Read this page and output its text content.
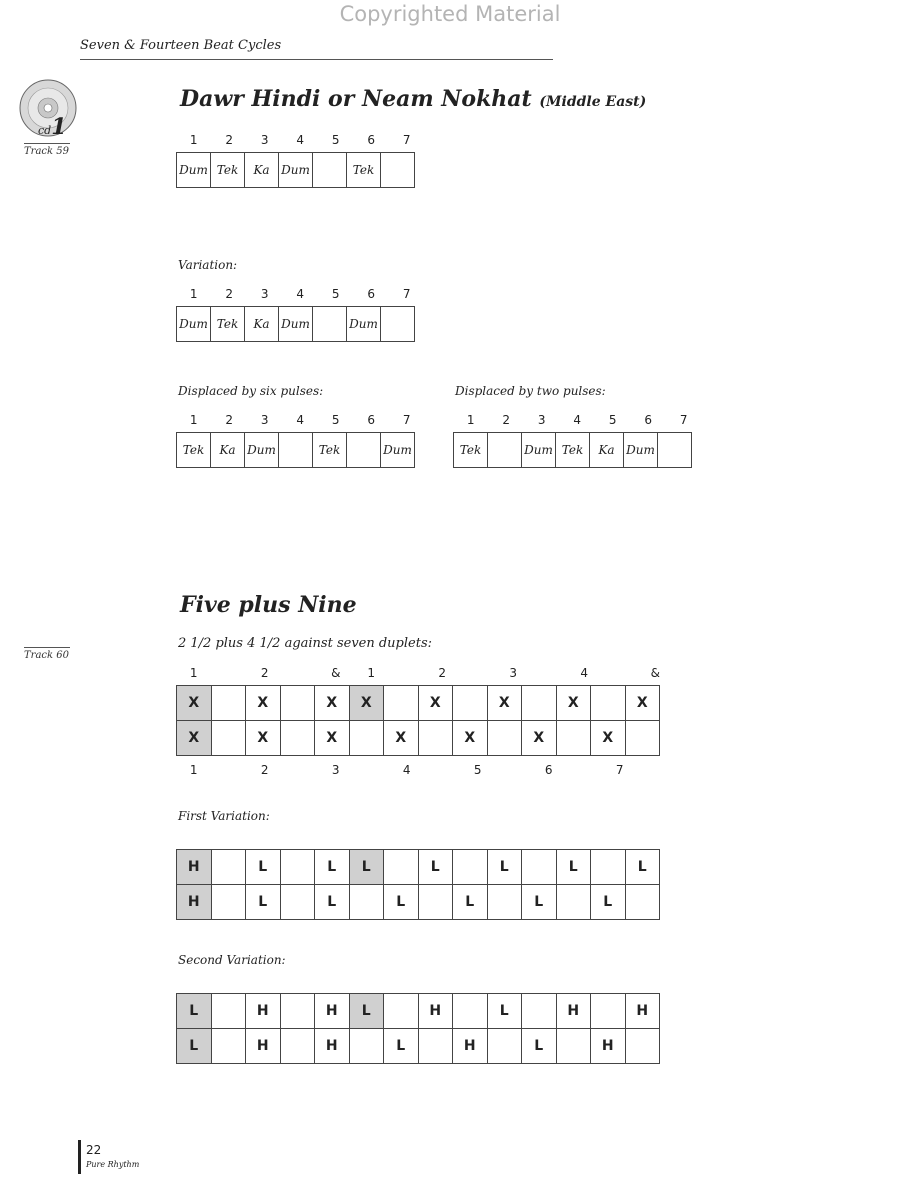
Copyrighted Material
Seven & Fourteen Beat Cycles
cd1
Track 59
Dawr Hindi or Neam Nokhat (Middle East)
1	2	3	4	5	6	7
Dum	Tek	Ka	Dum		Tek	
Variation:
1	2	3	4	5	6	7
Dum	Tek	Ka	Dum		Dum	
Displaced by six pulses:
1	2	3	4	5	6	7
Tek	Ka	Dum		Tek		Dum
Displaced by two pulses:
1	2	3	4	5	6	7
Tek		Dum	Tek	Ka	Dum	
Five plus Nine
2 1/2 plus 4 1/2 against seven duplets:
Track 60
1	2	&	1	2	3	4	&
X		X		X	X		X		X		X		X
X		X		X		X		X		X		X	
1	2	3	4	5	6	7
First Variation:
H		L		L	L		L		L		L		L
H		L		L		L		L		L		L	
Second Variation:
L		H		H	L		H		L		H		H
L		H		H		L		H		L		H	
22
Pure Rhythm
